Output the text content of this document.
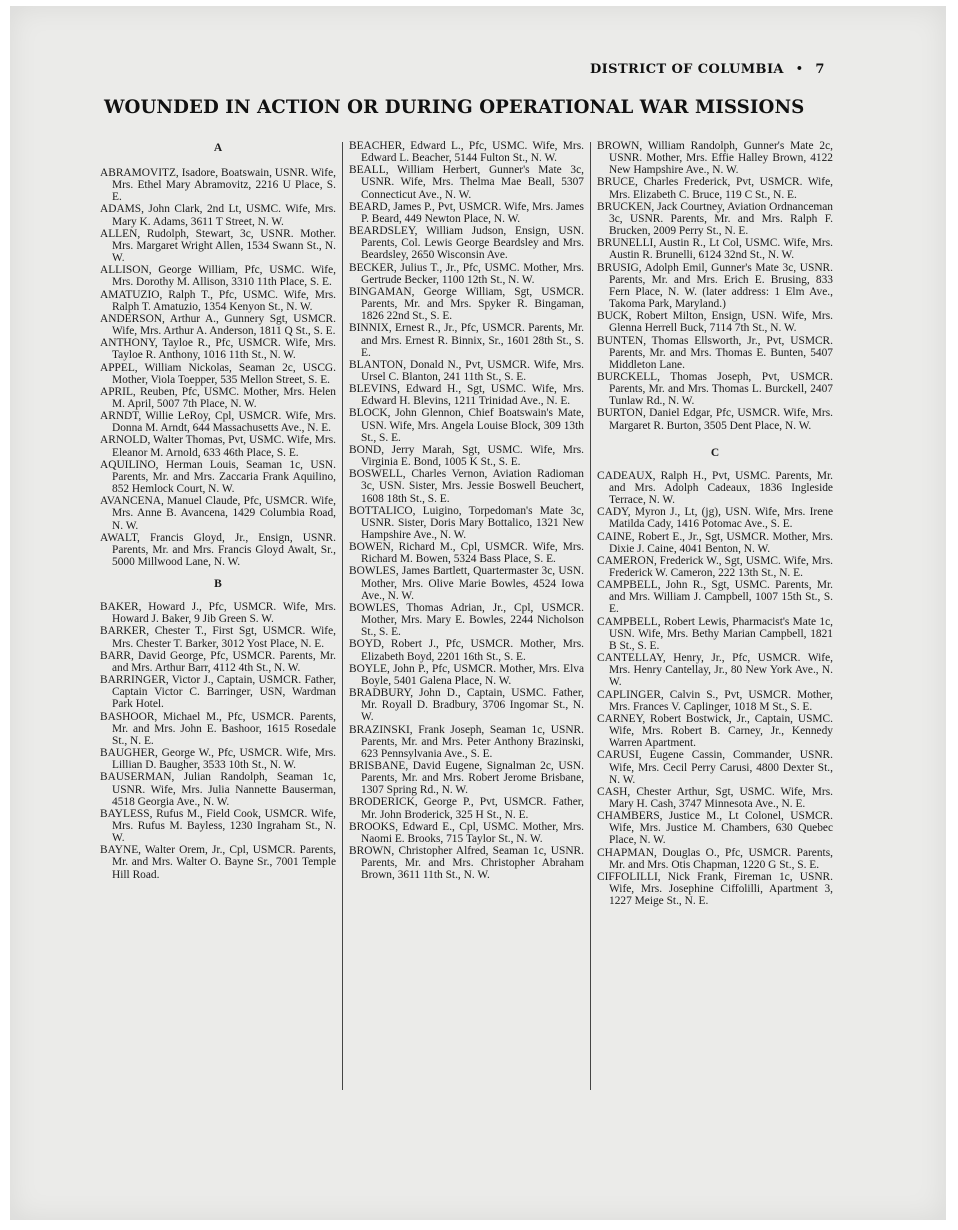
DISTRICT OF COLUMBIA • 7
WOUNDED IN ACTION OR DURING OPERATIONAL WAR MISSIONS

A

ABRAMOVITZ, Isadore, Boatswain, USNR. Wife, Mrs. Ethel Mary Abramovitz, 2216 U Place, S. E.

ADAMS, John Clark, 2nd Lt, USMC. Wife, Mrs. Mary K. Adams, 3611 T Street, N. W.

ALLEN, Rudolph, Stewart, 3c, USNR. Mother. Mrs. Margaret Wright Allen, 1534 Swann St., N. W.

ALLISON, George William, Pfc, USMC. Wife, Mrs. Dorothy M. Allison, 3310 11th Place, S. E.

AMATUZIO, Ralph T., Pfc, USMC. Wife, Mrs. Ralph T. Amatuzio, 1354 Kenyon St., N. W.

ANDERSON, Arthur A., Gunnery Sgt, USMCR. Wife, Mrs. Arthur A. Anderson, 1811 Q St., S. E.

ANTHONY, Tayloe R., Pfc, USMCR. Wife, Mrs. Tayloe R. Anthony, 1016 11th St., N. W.

APPEL, William Nickolas, Seaman 2c, USCG. Mother, Viola Toepper, 535 Mellon Street, S. E.

APRIL, Reuben, Pfc, USMC. Mother, Mrs. Helen M. April, 5007 7th Place, N. W.

ARNDT, Willie LeRoy, Cpl, USMCR. Wife, Mrs. Donna M. Arndt, 644 Massachusetts Ave., N. E.

ARNOLD, Walter Thomas, Pvt, USMC. Wife, Mrs. Eleanor M. Arnold, 633 46th Place, S. E.

AQUILINO, Herman Louis, Seaman 1c, USN. Parents, Mr. and Mrs. Zaccaria Frank Aquilino, 852 Hemlock Court, N. W.

AVANCENA, Manuel Claude, Pfc, USMCR. Wife, Mrs. Anne B. Avancena, 1429 Columbia Road, N. W.

AWALT, Francis Gloyd, Jr., Ensign, USNR. Parents, Mr. and Mrs. Francis Gloyd Awalt, Sr., 5000 Millwood Lane, N. W.

B

BAKER, Howard J., Pfc, USMCR. Wife, Mrs. Howard J. Baker, 9 Jib Green S. W.

BARKER, Chester T., First Sgt, USMCR. Wife, Mrs. Chester T. Barker, 3012 Yost Place, N. E.

BARR, David George, Pfc, USMCR. Parents, Mr. and Mrs. Arthur Barr, 4112 4th St., N. W.

BARRINGER, Victor J., Captain, USMCR. Father, Captain Victor C. Barringer, USN, Wardman Park Hotel.

BASHOOR, Michael M., Pfc, USMCR. Parents, Mr. and Mrs. John E. Bashoor, 1615 Rosedale St., N. E.

BAUGHER, George W., Pfc, USMCR. Wife, Mrs. Lillian D. Baugher, 3533 10th St., N. W.

BAUSERMAN, Julian Randolph, Seaman 1c, USNR. Wife, Mrs. Julia Nannette Bauserman, 4518 Georgia Ave., N. W.

BAYLESS, Rufus M., Field Cook, USMCR. Wife, Mrs. Rufus M. Bayless, 1230 Ingraham St., N. W.

BAYNE, Walter Orem, Jr., Cpl, USMCR. Parents, Mr. and Mrs. Walter O. Bayne Sr., 7001 Temple Hill Road.

BEACHER, Edward L., Pfc, USMC. Wife, Mrs. Edward L. Beacher, 5144 Fulton St., N. W.

BEALL, William Herbert, Gunner's Mate 3c, USNR. Wife, Mrs. Thelma Mae Beall, 5307 Connecticut Ave., N. W.

BEARD, James P., Pvt, USMCR. Wife, Mrs. James P. Beard, 449 Newton Place, N. W.

BEARDSLEY, William Judson, Ensign, USN. Parents, Col. Lewis George Beardsley and Mrs. Beardsley, 2650 Wisconsin Ave.

BECKER, Julius T., Jr., Pfc, USMC. Mother, Mrs. Gertrude Becker, 1100 12th St., N. W.

BINGAMAN, George William, Sgt, USMCR. Parents, Mr. and Mrs. Spyker R. Bingaman, 1826 22nd St., S. E.

BINNIX, Ernest R., Jr., Pfc, USMCR. Parents, Mr. and Mrs. Ernest R. Binnix, Sr., 1601 28th St., S. E.

BLANTON, Donald N., Pvt, USMCR. Wife, Mrs. Ursel C. Blanton, 241 11th St., S. E.

BLEVINS, Edward H., Sgt, USMC. Wife, Mrs. Edward H. Blevins, 1211 Trinidad Ave., N. E.

BLOCK, John Glennon, Chief Boatswain's Mate, USN. Wife, Mrs. Angela Louise Block, 309 13th St., S. E.

BOND, Jerry Marah, Sgt, USMC. Wife, Mrs. Virginia E. Bond, 1005 K St., S. E.

BOSWELL, Charles Vernon, Aviation Radioman 3c, USN. Sister, Mrs. Jessie Boswell Beuchert, 1608 18th St., S. E.

BOTTALICO, Luigino, Torpedoman's Mate 3c, USNR. Sister, Doris Mary Bottalico, 1321 New Hampshire Ave., N. W.

BOWEN, Richard M., Cpl, USMCR. Wife, Mrs. Richard M. Bowen, 5324 Bass Place, S. E.

BOWLES, James Bartlett, Quartermaster 3c, USN. Mother, Mrs. Olive Marie Bowles, 4524 Iowa Ave., N. W.

BOWLES, Thomas Adrian, Jr., Cpl, USMCR. Mother, Mrs. Mary E. Bowles, 2244 Nicholson St., S. E.

BOYD, Robert J., Pfc, USMCR. Mother, Mrs. Elizabeth Boyd, 2201 16th St., S. E.

BOYLE, John P., Pfc, USMCR. Mother, Mrs. Elva Boyle, 5401 Galena Place, N. W.

BRADBURY, John D., Captain, USMC. Father, Mr. Royall D. Bradbury, 3706 Ingomar St., N. W.

BRAZINSKI, Frank Joseph, Seaman 1c, USNR. Parents, Mr. and Mrs. Peter Anthony Brazinski, 623 Pennsylvania Ave., S. E.

BRISBANE, David Eugene, Signalman 2c, USN. Parents, Mr. and Mrs. Robert Jerome Brisbane, 1307 Spring Rd., N. W.

BRODERICK, George P., Pvt, USMCR. Father, Mr. John Broderick, 325 H St., N. E.

BROOKS, Edward E., Cpl, USMC. Mother, Mrs. Naomi E. Brooks, 715 Taylor St., N. W.

BROWN, Christopher Alfred, Seaman 1c, USNR. Parents, Mr. and Mrs. Christopher Abraham Brown, 3611 11th St., N. W.

BROWN, William Randolph, Gunner's Mate 2c, USNR. Mother, Mrs. Effie Halley Brown, 4122 New Hampshire Ave., N. W.

BRUCE, Charles Frederick, Pvt, USMCR. Wife, Mrs. Elizabeth C. Bruce, 119 C St., N. E.

BRUCKEN, Jack Courtney, Aviation Ordnanceman 3c, USNR. Parents, Mr. and Mrs. Ralph F. Brucken, 2009 Perry St., N. E.

BRUNELLI, Austin R., Lt Col, USMC. Wife, Mrs. Austin R. Brunelli, 6124 32nd St., N. W.

BRUSIG, Adolph Emil, Gunner's Mate 3c, USNR. Parents, Mr. and Mrs. Erich E. Brusing, 833 Fern Place, N. W. (later address: 1 Elm Ave., Takoma Park, Maryland.)

BUCK, Robert Milton, Ensign, USN. Wife, Mrs. Glenna Herrell Buck, 7114 7th St., N. W.

BUNTEN, Thomas Ellsworth, Jr., Pvt, USMCR. Parents, Mr. and Mrs. Thomas E. Bunten, 5407 Middleton Lane.

BURCKELL, Thomas Joseph, Pvt, USMCR. Parents, Mr. and Mrs. Thomas L. Burckell, 2407 Tunlaw Rd., N. W.

BURTON, Daniel Edgar, Pfc, USMCR. Wife, Mrs. Margaret R. Burton, 3505 Dent Place, N. W.

C

CADEAUX, Ralph H., Pvt, USMC. Parents, Mr. and Mrs. Adolph Cadeaux, 1836 Ingleside Terrace, N. W.

CADY, Myron J., Lt, (jg), USN. Wife, Mrs. Irene Matilda Cady, 1416 Potomac Ave., S. E.

CAINE, Robert E., Jr., Sgt, USMCR. Mother, Mrs. Dixie J. Caine, 4041 Benton, N. W.

CAMERON, Frederick W., Sgt, USMC. Wife, Mrs. Frederick W. Cameron, 222 13th St., N. E.

CAMPBELL, John R., Sgt, USMC. Parents, Mr. and Mrs. William J. Campbell, 1007 15th St., S. E.

CAMPBELL, Robert Lewis, Pharmacist's Mate 1c, USN. Wife, Mrs. Bethy Marian Campbell, 1821 B St., S. E.

CANTELLAY, Henry, Jr., Pfc, USMCR. Wife, Mrs. Henry Cantellay, Jr., 80 New York Ave., N. W.

CAPLINGER, Calvin S., Pvt, USMCR. Mother, Mrs. Frances V. Caplinger, 1018 M St., S. E.

CARNEY, Robert Bostwick, Jr., Captain, USMC. Wife, Mrs. Robert B. Carney, Jr., Kennedy Warren Apartment.

CARUSI, Eugene Cassin, Commander, USNR. Wife, Mrs. Cecil Perry Carusi, 4800 Dexter St., N. W.

CASH, Chester Arthur, Sgt, USMC. Wife, Mrs. Mary H. Cash, 3747 Minnesota Ave., N. E.

CHAMBERS, Justice M., Lt Colonel, USMCR. Wife, Mrs. Justice M. Chambers, 630 Quebec Place, N. W.

CHAPMAN, Douglas O., Pfc, USMCR. Parents, Mr. and Mrs. Otis Chapman, 1220 G St., S. E.

CIFFOLILLI, Nick Frank, Fireman 1c, USNR. Wife, Mrs. Josephine Ciffolilli, Apartment 3, 1227 Meige St., N. E.
